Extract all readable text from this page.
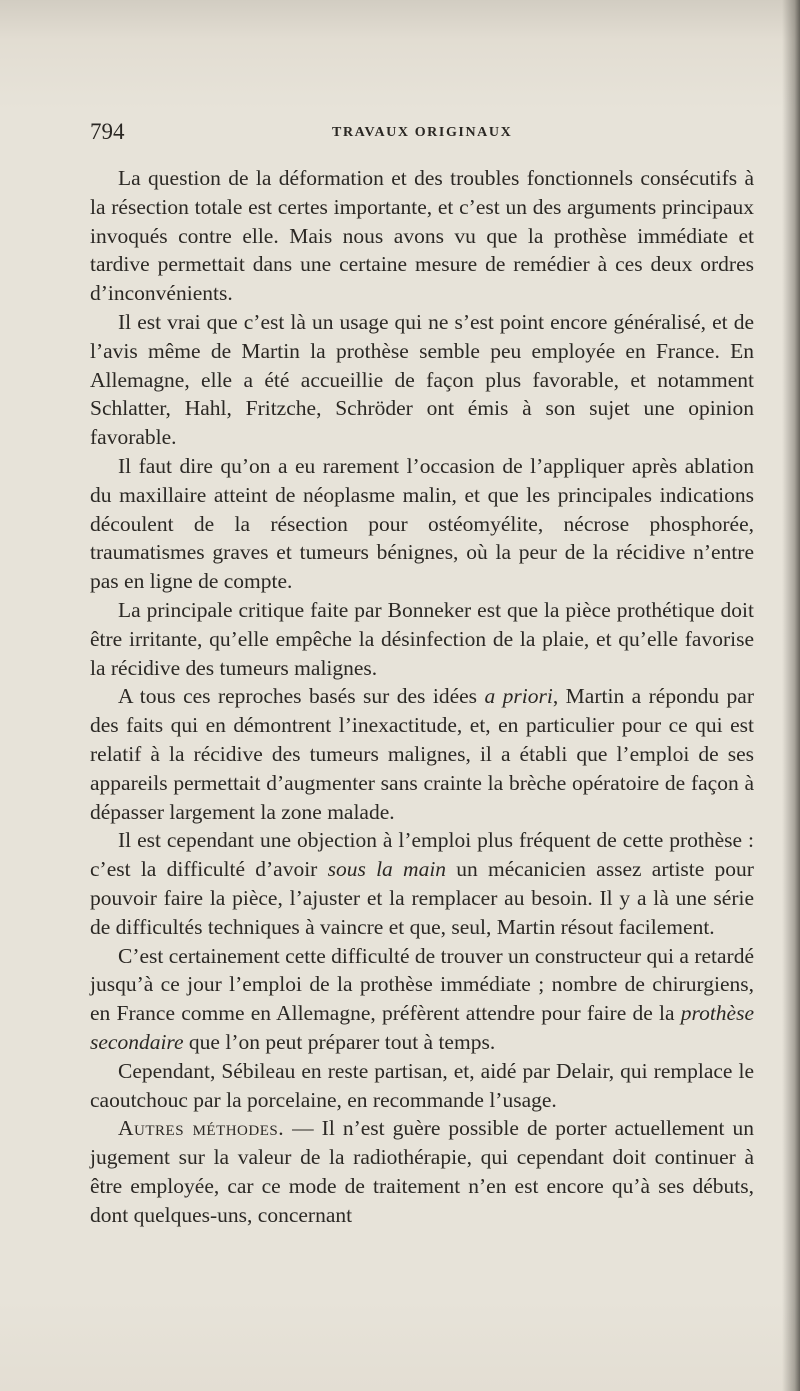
794	TRAVAUX ORIGINAUX

La question de la déformation et des troubles fonctionnels consécutifs à la résection totale est certes importante, et c’est un des arguments principaux invoqués contre elle. Mais nous avons vu que la prothèse immédiate et tardive permettait dans une certaine mesure de remédier à ces deux ordres d’inconvénients.

Il est vrai que c’est là un usage qui ne s’est point encore généralisé, et de l’avis même de Martin la prothèse semble peu employée en France. En Allemagne, elle a été accueillie de façon plus favorable, et notamment Schlatter, Hahl, Fritzche, Schröder ont émis à son sujet une opinion favorable.

Il faut dire qu’on a eu rarement l’occasion de l’appliquer après ablation du maxillaire atteint de néoplasme malin, et que les principales indications découlent de la résection pour ostéomyélite, nécrose phosphorée, traumatismes graves et tumeurs bénignes, où la peur de la récidive n’entre pas en ligne de compte.

La principale critique faite par Bonneker est que la pièce prothétique doit être irritante, qu’elle empêche la désinfection de la plaie, et qu’elle favorise la récidive des tumeurs malignes.

A tous ces reproches basés sur des idées a priori, Martin a répondu par des faits qui en démontrent l’inexactitude, et, en particulier pour ce qui est relatif à la récidive des tumeurs malignes, il a établi que l’emploi de ses appareils permettait d’augmenter sans crainte la brèche opératoire de façon à dépasser largement la zone malade.

Il est cependant une objection à l’emploi plus fréquent de cette prothèse : c’est la difficulté d’avoir sous la main un mécanicien assez artiste pour pouvoir faire la pièce, l’ajuster et la remplacer au besoin. Il y a là une série de difficultés techniques à vaincre et que, seul, Martin résout facilement.

C’est certainement cette difficulté de trouver un constructeur qui a retardé jusqu’à ce jour l’emploi de la prothèse immédiate ; nombre de chirurgiens, en France comme en Allemagne, préfèrent attendre pour faire de la prothèse secondaire que l’on peut préparer tout à temps.

Cependant, Sébileau en reste partisan, et, aidé par Delair, qui remplace le caoutchouc par la porcelaine, en recommande l’usage.

Autres méthodes. — Il n’est guère possible de porter actuellement un jugement sur la valeur de la radiothérapie, qui cependant doit continuer à être employée, car ce mode de traitement n’en est encore qu’à ses débuts, dont quelques-uns, concernant
